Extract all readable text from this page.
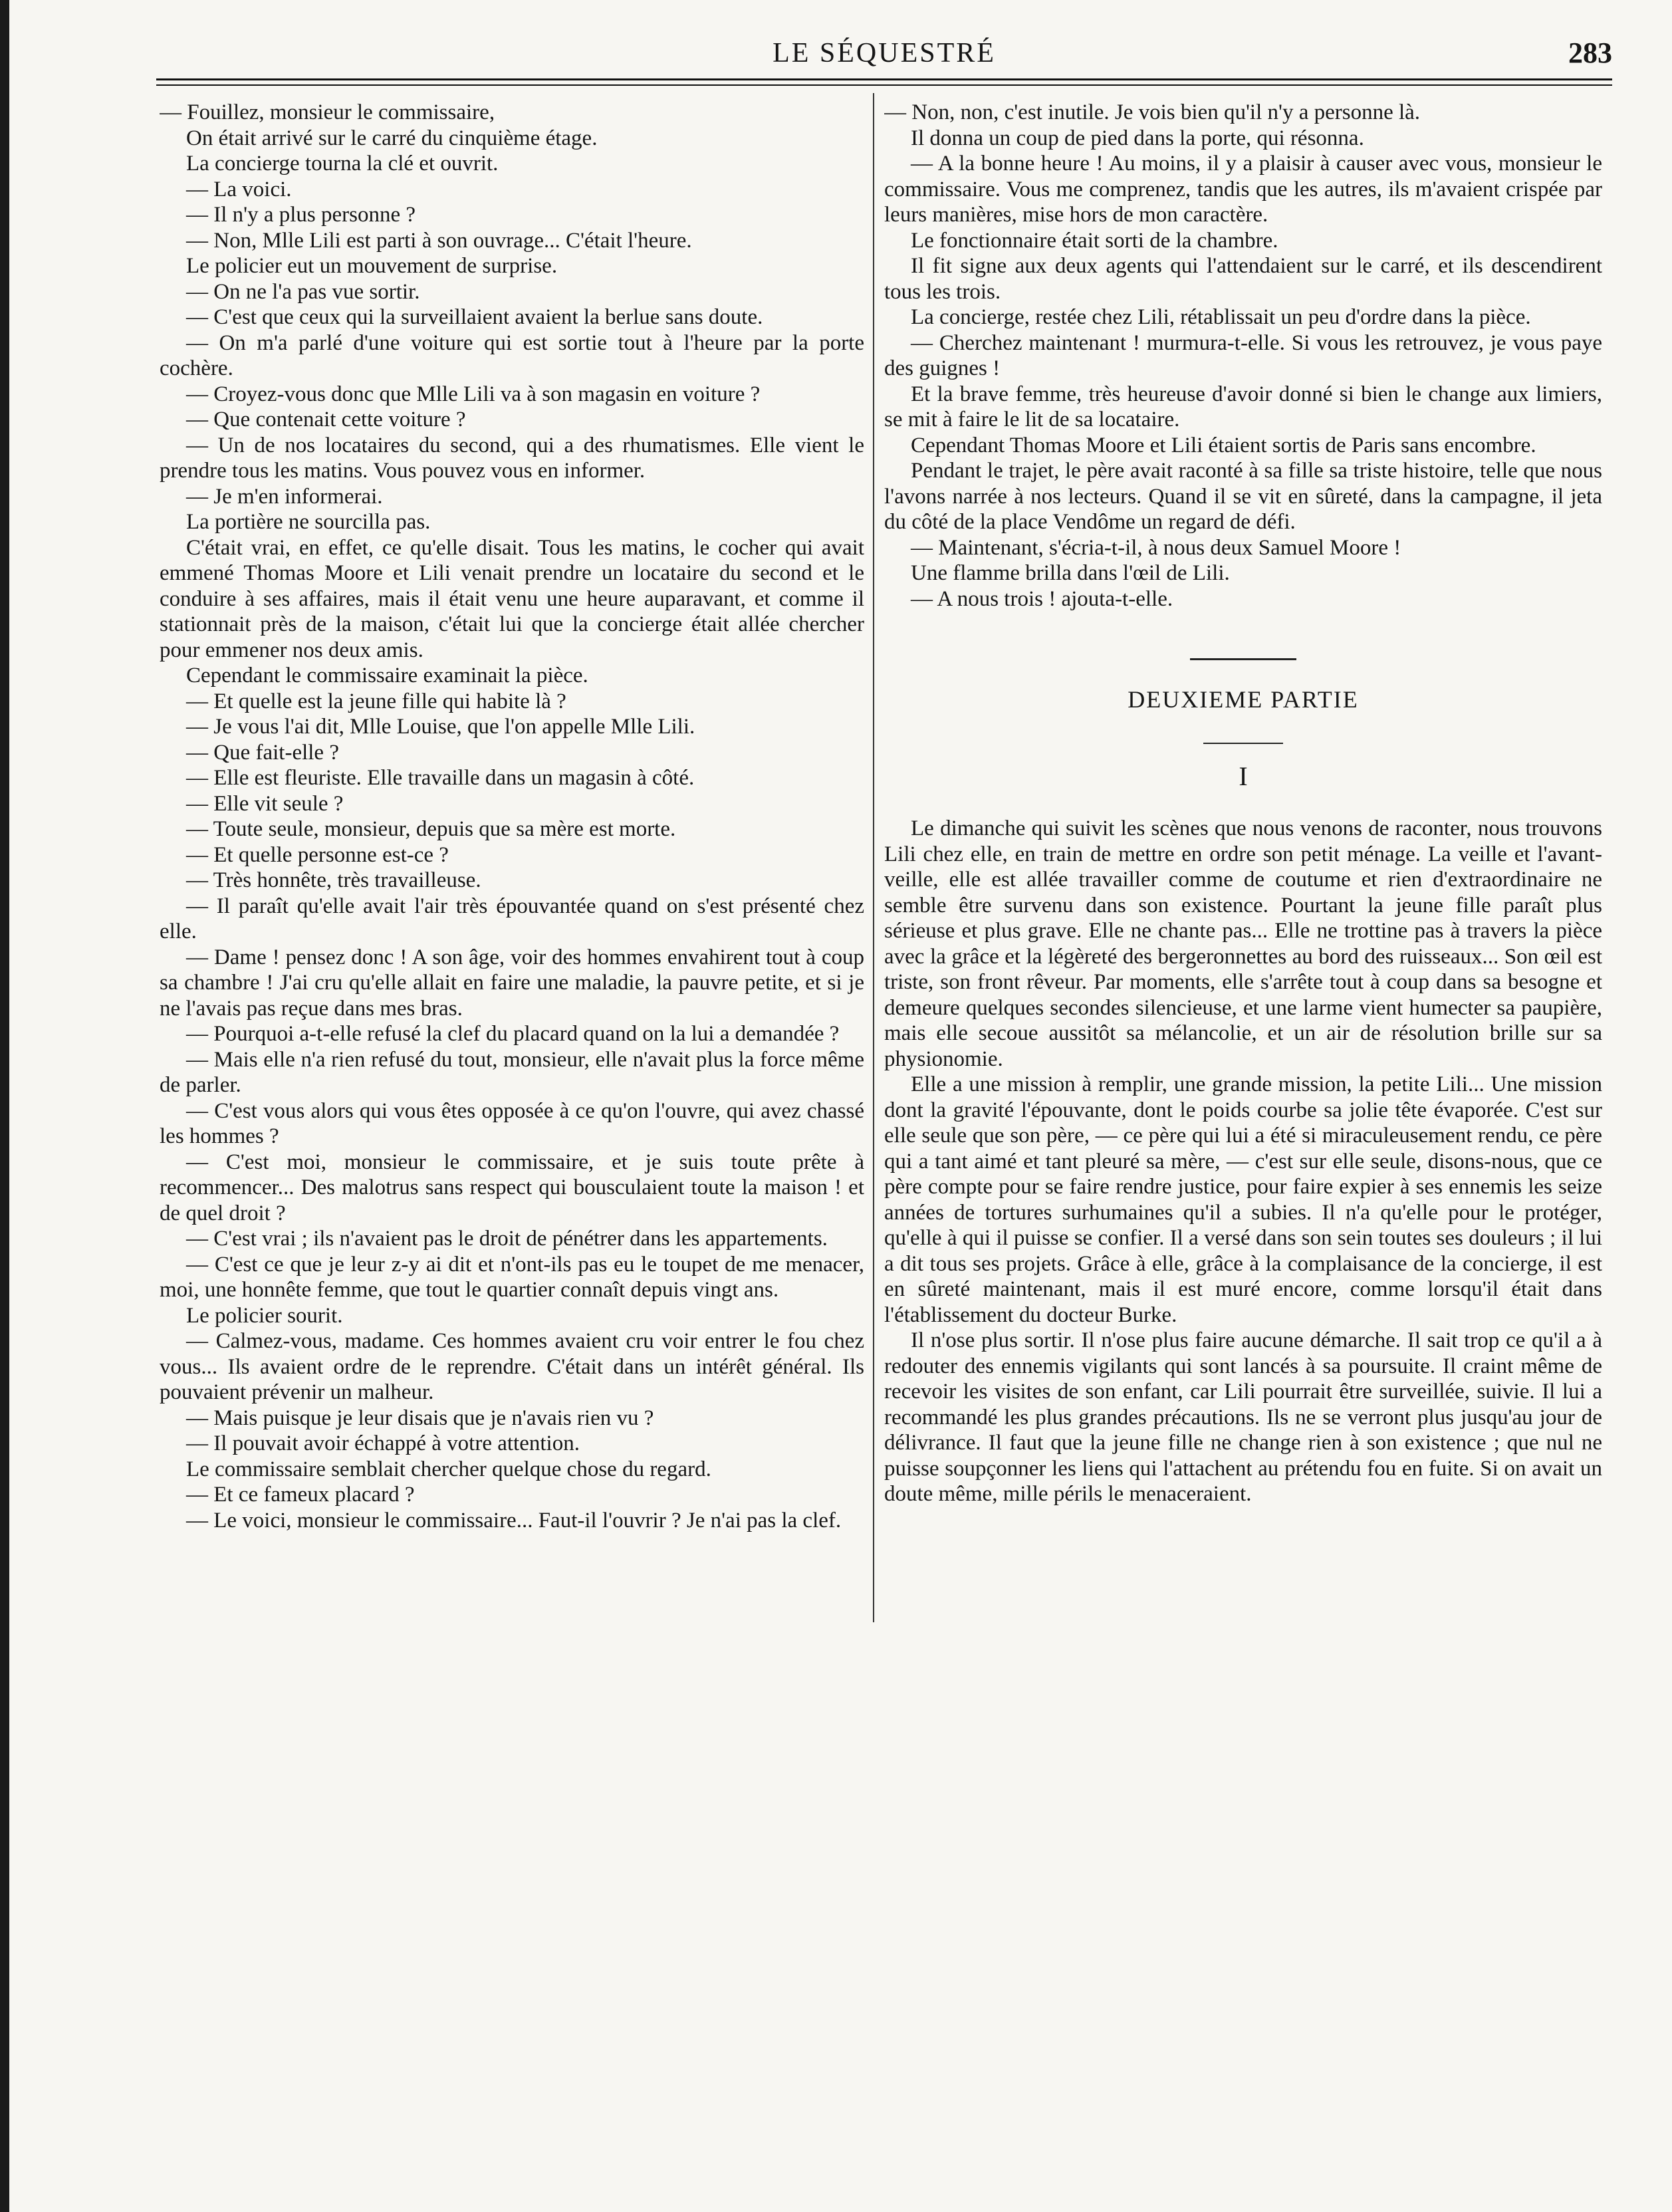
LE SÉQUESTRÉ	283

— Fouillez, monsieur le commissaire,

On était arrivé sur le carré du cinquième étage.

La concierge tourna la clé et ouvrit.

— La voici.

— Il n'y a plus personne ?

— Non, Mlle Lili est parti à son ouvrage... C'était l'heure.

Le policier eut un mouvement de surprise.

— On ne l'a pas vue sortir.

— C'est que ceux qui la surveillaient avaient la berlue sans doute.

— On m'a parlé d'une voiture qui est sortie tout à l'heure par la porte cochère.

— Croyez-vous donc que Mlle Lili va à son magasin en voiture ?

— Que contenait cette voiture ?

— Un de nos locataires du second, qui a des rhumatismes. Elle vient le prendre tous les matins. Vous pouvez vous en informer.

— Je m'en informerai.

La portière ne sourcilla pas.

C'était vrai, en effet, ce qu'elle disait. Tous les matins, le cocher qui avait emmené Thomas Moore et Lili venait prendre un locataire du second et le conduire à ses affaires, mais il était venu une heure auparavant, et comme il stationnait près de la maison, c'était lui que la concierge était allée chercher pour emmener nos deux amis.

Cependant le commissaire examinait la pièce.

— Et quelle est la jeune fille qui habite là ?

— Je vous l'ai dit, Mlle Louise, que l'on appelle Mlle Lili.

— Que fait-elle ?

— Elle est fleuriste. Elle travaille dans un magasin à côté.

— Elle vit seule ?

— Toute seule, monsieur, depuis que sa mère est morte.

— Et quelle personne est-ce ?

— Très honnête, très travailleuse.

— Il paraît qu'elle avait l'air très épouvantée quand on s'est présenté chez elle.

— Dame ! pensez donc ! A son âge, voir des hommes envahirent tout à coup sa chambre ! J'ai cru qu'elle allait en faire une maladie, la pauvre petite, et si je ne l'avais pas reçue dans mes bras.

— Pourquoi a-t-elle refusé la clef du placard quand on la lui a demandée ?

— Mais elle n'a rien refusé du tout, monsieur, elle n'avait plus la force même de parler.

— C'est vous alors qui vous êtes opposée à ce qu'on l'ouvre, qui avez chassé les hommes ?

— C'est moi, monsieur le commissaire, et je suis toute prête à recommencer... Des malotrus sans respect qui bousculaient toute la maison ! et de quel droit ?

— C'est vrai ; ils n'avaient pas le droit de pénétrer dans les appartements.

— C'est ce que je leur z-y ai dit et n'ont-ils pas eu le toupet de me menacer, moi, une honnête femme, que tout le quartier connaît depuis vingt ans.

Le policier sourit.

— Calmez-vous, madame. Ces hommes avaient cru voir entrer le fou chez vous... Ils avaient ordre de le reprendre. C'était dans un intérêt général. Ils pouvaient prévenir un malheur.

— Mais puisque je leur disais que je n'avais rien vu ?

— Il pouvait avoir échappé à votre attention.

Le commissaire semblait chercher quelque chose du regard.

— Et ce fameux placard ?

— Le voici, monsieur le commissaire... Faut-il l'ouvrir ? Je n'ai pas la clef.

— Non, non, c'est inutile. Je vois bien qu'il n'y a personne là.

Il donna un coup de pied dans la porte, qui résonna.

— A la bonne heure ! Au moins, il y a plaisir à causer avec vous, monsieur le commissaire. Vous me comprenez, tandis que les autres, ils m'avaient crispée par leurs manières, mise hors de mon caractère.

Le fonctionnaire était sorti de la chambre.

Il fit signe aux deux agents qui l'attendaient sur le carré, et ils descendirent tous les trois.

La concierge, restée chez Lili, rétablissait un peu d'ordre dans la pièce.

— Cherchez maintenant ! murmura-t-elle. Si vous les retrouvez, je vous paye des guignes !

Et la brave femme, très heureuse d'avoir donné si bien le change aux limiers, se mit à faire le lit de sa locataire.

Cependant Thomas Moore et Lili étaient sortis de Paris sans encombre.

Pendant le trajet, le père avait raconté à sa fille sa triste histoire, telle que nous l'avons narrée à nos lecteurs. Quand il se vit en sûreté, dans la campagne, il jeta du côté de la place Vendôme un regard de défi.

— Maintenant, s'écria-t-il, à nous deux Samuel Moore !

Une flamme brilla dans l'œil de Lili.

— A nous trois ! ajouta-t-elle.

DEUXIEME PARTIE
I

Le dimanche qui suivit les scènes que nous venons de raconter, nous trouvons Lili chez elle, en train de mettre en ordre son petit ménage. La veille et l'avant-veille, elle est allée travailler comme de coutume et rien d'extraordinaire ne semble être survenu dans son existence. Pourtant la jeune fille paraît plus sérieuse et plus grave. Elle ne chante pas... Elle ne trottine pas à travers la pièce avec la grâce et la légèreté des bergeronnettes au bord des ruisseaux... Son œil est triste, son front rêveur. Par moments, elle s'arrête tout à coup dans sa besogne et demeure quelques secondes silencieuse, et une larme vient humecter sa paupière, mais elle secoue aussitôt sa mélancolie, et un air de résolution brille sur sa physionomie.

Elle a une mission à remplir, une grande mission, la petite Lili... Une mission dont la gravité l'épouvante, dont le poids courbe sa jolie tête évaporée. C'est sur elle seule que son père, — ce père qui lui a été si miraculeusement rendu, ce père qui a tant aimé et tant pleuré sa mère, — c'est sur elle seule, disons-nous, que ce père compte pour se faire rendre justice, pour faire expier à ses ennemis les seize années de tortures surhumaines qu'il a subies. Il n'a qu'elle pour le protéger, qu'elle à qui il puisse se confier. Il a versé dans son sein toutes ses douleurs ; il lui a dit tous ses projets. Grâce à elle, grâce à la complaisance de la concierge, il est en sûreté maintenant, mais il est muré encore, comme lorsqu'il était dans l'établissement du docteur Burke.

Il n'ose plus sortir. Il n'ose plus faire aucune démarche. Il sait trop ce qu'il a à redouter des ennemis vigilants qui sont lancés à sa poursuite. Il craint même de recevoir les visites de son enfant, car Lili pourrait être surveillée, suivie. Il lui a recommandé les plus grandes précautions. Ils ne se verront plus jusqu'au jour de délivrance. Il faut que la jeune fille ne change rien à son existence ; que nul ne puisse soupçonner les liens qui l'attachent au prétendu fou en fuite. Si on avait un doute même, mille périls le menaceraient.
